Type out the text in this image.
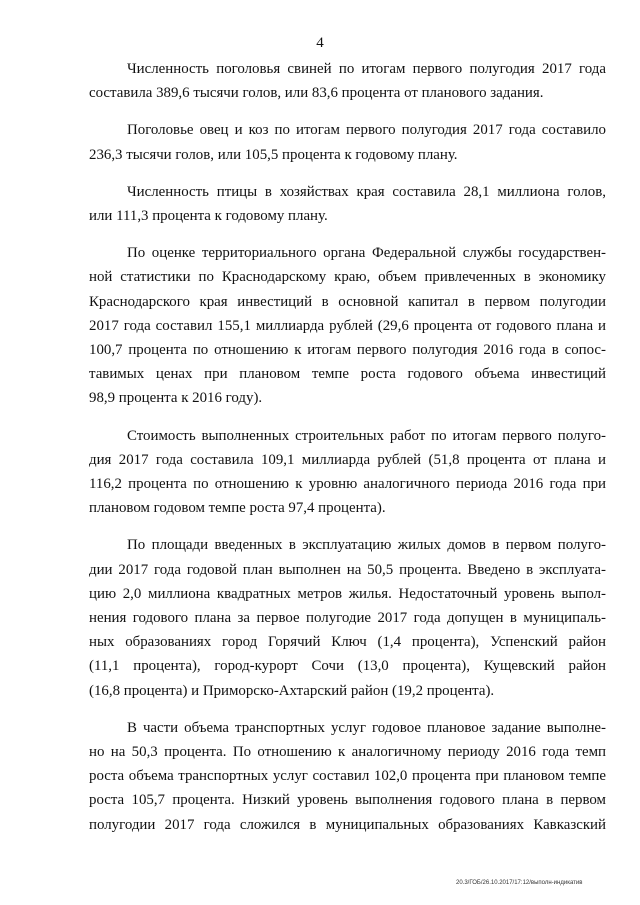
4

Численность поголовья свиней по итогам первого полугодия 2017 года

составила 389,6 тысячи голов, или 83,6 процента от планового задания.

Поголовье овец и коз по итогам первого полугодия 2017 года составило

236,3 тысячи голов, или 105,5 процента к годовому плану.

Численность птицы в хозяйствах края составила 28,1 миллиона голов,

или 111,3 процента к годовому плану.

По оценке территориального органа Федеральной службы государствен-

ной статистики по Краснодарскому краю, объем привлеченных в экономику

Краснодарского края инвестиций в основной капитал в первом полугодии

2017 года составил 155,1 миллиарда рублей (29,6 процента от годового плана и

100,7 процента по отношению к итогам первого полугодия 2016 года в сопос-

тавимых ценах при плановом темпе роста годового объема инвестиций

98,9 процента к 2016 году).

Стоимость выполненных строительных работ по итогам первого полуго-

дия 2017 года составила 109,1 миллиарда рублей (51,8 процента от плана и

116,2 процента по отношению к уровню аналогичного периода 2016 года при

плановом годовом темпе роста 97,4 процента).

По площади введенных в эксплуатацию жилых домов в первом полуго-

дии 2017 года годовой план выполнен на 50,5 процента. Введено в эксплуата-

цию 2,0 миллиона квадратных метров жилья. Недостаточный уровень выпол-

нения годового плана за первое полугодие 2017 года допущен в муниципаль-

ных образованиях город Горячий Ключ (1,4 процента), Успенский район

(11,1 процента), город-курорт Сочи (13,0 процента), Кущевский район

(16,8 процента) и Приморско-Ахтарский район (19,2 процента).

В части объема транспортных услуг годовое плановое задание выполне-

но на 50,3 процента. По отношению к аналогичному периоду 2016 года темп

роста объема транспортных услуг составил 102,0 процента при плановом темпе

роста 105,7 процента. Низкий уровень выполнения годового плана в первом

полугодии 2017 года сложился в муниципальных образованиях Кавказский

20.3/ГОБ/26.10.2017/17:12/выполн-индикатив
